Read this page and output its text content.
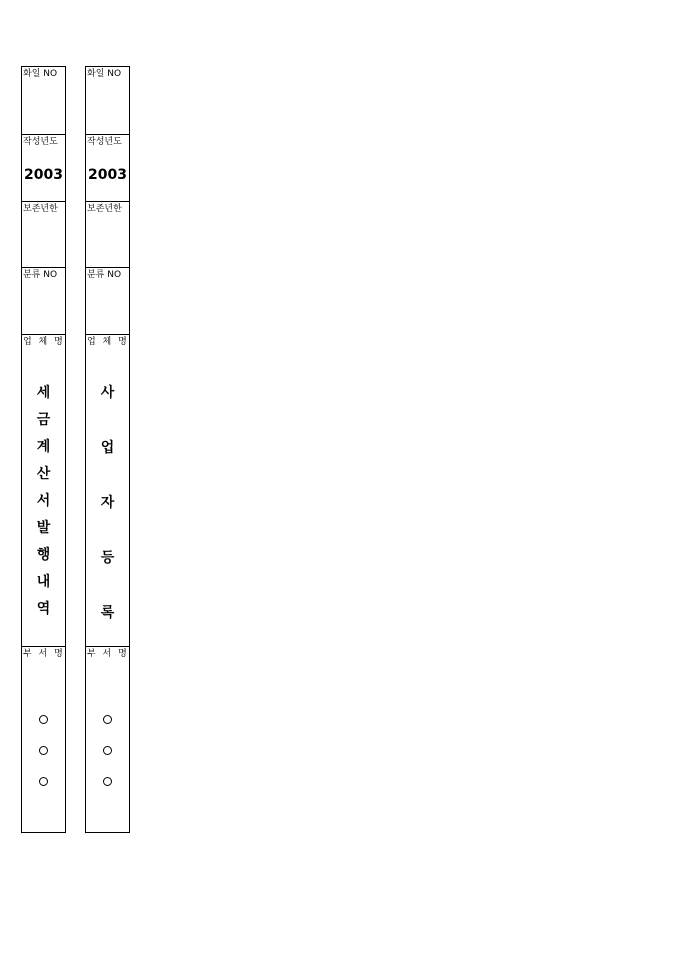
화일 NO
작성년도
2003
보존년한
분류 NO
업 체 명
세
금
계
산
서
발
행
내
역
부 서 명
화일 NO
작성년도
2003
보존년한
분류 NO
업 체 명
사
업
자
등
록
부 서 명
